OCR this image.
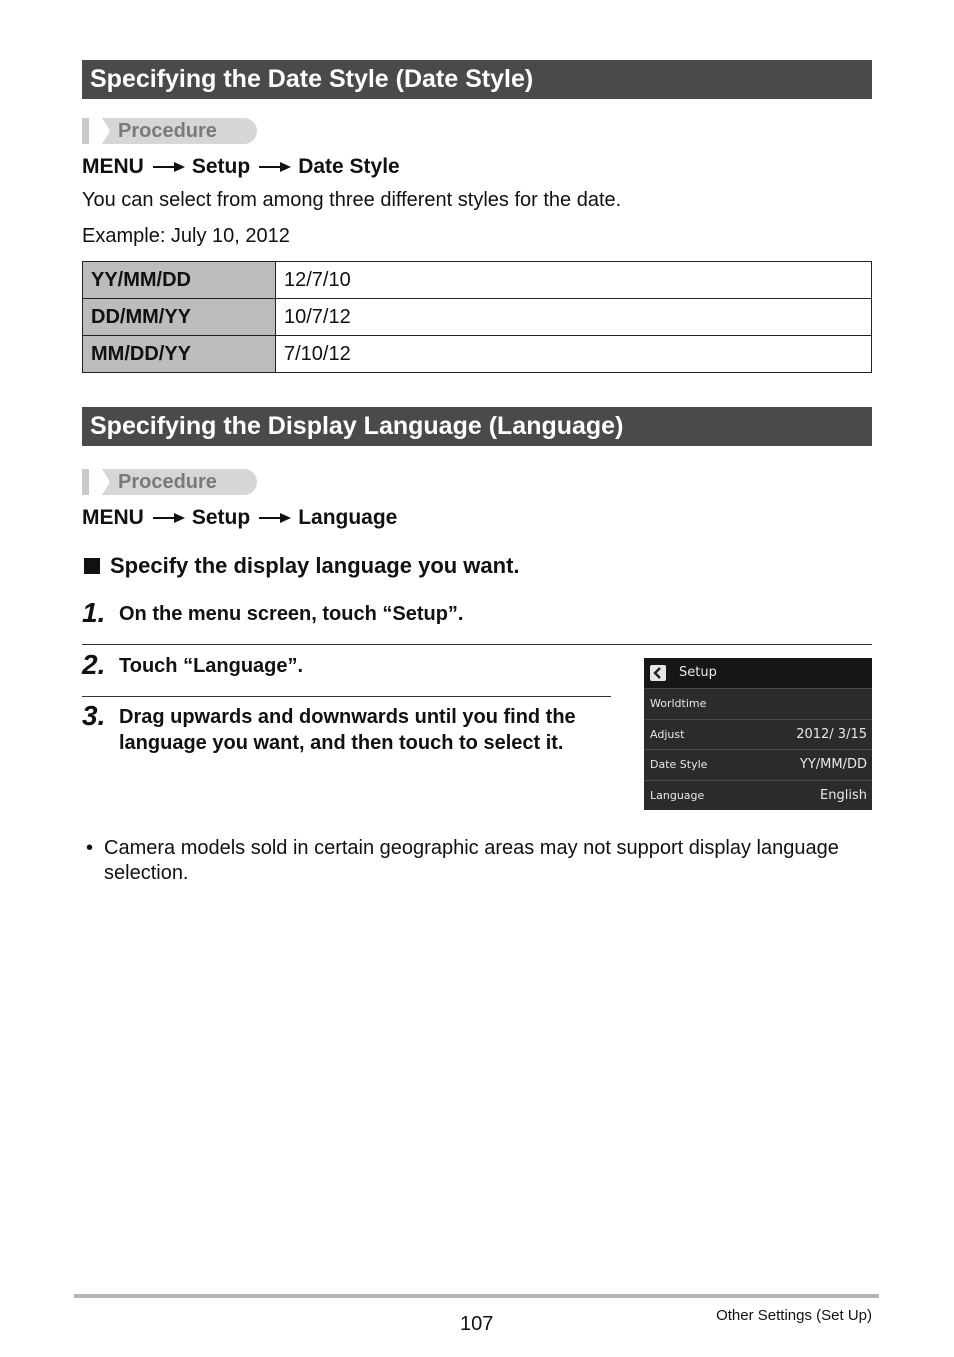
Specifying the Date Style (Date Style)
Procedure
MENU Setup Date Style
You can select from among three different styles for the date.
Example: July 10, 2012
YY/MM/DD	12/7/10
DD/MM/YY	10/7/12
MM/DD/YY	7/10/12
Specifying the Display Language (Language)
Procedure
MENU Setup Language
Specify the display language you want.
1. On the menu screen, touch “Setup”.
2. Touch “Language”.
3. Drag upwards and downwards until you find the language you want, and then touch to select it.
Setup
Worldtime
Adjust	2012/ 3/15
Date Style	YY/MM/DD
Language	English
• Camera models sold in certain geographic areas may not support display language selection.
107	Other Settings (Set Up)
